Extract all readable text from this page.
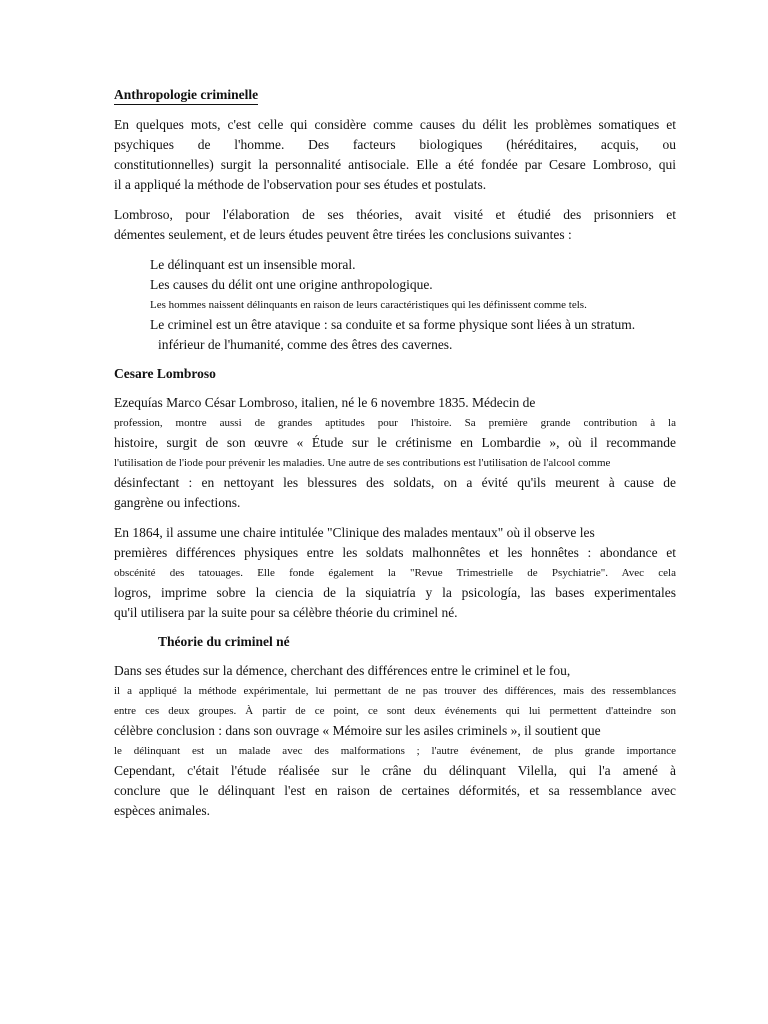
Anthropologie criminelle

En quelques mots, c'est celle qui considère comme causes du délit les problèmes somatiques et
psychiques de l'homme. Des facteurs biologiques (héréditaires, acquis, ou
constitutionnelles) surgit la personnalité antisociale. Elle a été fondée par Cesare Lombroso, qui
il a appliqué la méthode de l'observation pour ses études et postulats.

Lombroso, pour l'élaboration de ses théories, avait visité et étudié des prisonniers et
démentes seulement, et de leurs études peuvent être tirées les conclusions suivantes :

Le délinquant est un insensible moral.
Les causes du délit ont une origine anthropologique.
Les hommes naissent délinquants en raison de leurs caractéristiques qui les définissent comme tels.
Le criminel est un être atavique : sa conduite et sa forme physique sont liées à un stratum.
inférieur de l'humanité, comme des êtres des cavernes.
Cesare Lombroso

Ezequías Marco César Lombroso, italien, né le 6 novembre 1835. Médecin de
profession, montre aussi de grandes aptitudes pour l'histoire. Sa première grande contribution à la
histoire, surgit de son œuvre « Étude sur le crétinisme en Lombardie », où il recommande
l'utilisation de l'iode pour prévenir les maladies. Une autre de ses contributions est l'utilisation de l'alcool comme
désinfectant : en nettoyant les blessures des soldats, on a évité qu'ils meurent à cause de
gangrène ou infections.

En 1864, il assume une chaire intitulée "Clinique des malades mentaux" où il observe les
premières différences physiques entre les soldats malhonnêtes et les honnêtes : abondance et
obscénité des tatouages. Elle fonde également la "Revue Trimestrielle de Psychiatrie". Avec cela
logros, imprime sobre la ciencia de la siquiatría y la psicología, las bases experimentales
qu'il utilisera par la suite pour sa célèbre théorie du criminel né.

Théorie du criminel né

Dans ses études sur la démence, cherchant des différences entre le criminel et le fou,
il a appliqué la méthode expérimentale, lui permettant de ne pas trouver des différences, mais des ressemblances
entre ces deux groupes. À partir de ce point, ce sont deux événements qui lui permettent d'atteindre son
célèbre conclusion : dans son ouvrage « Mémoire sur les asiles criminels », il soutient que
le délinquant est un malade avec des malformations ; l'autre événement, de plus grande importance
Cependant, c'était l'étude réalisée sur le crâne du délinquant Vilella, qui l'a amené à
conclure que le délinquant l'est en raison de certaines déformités, et sa ressemblance avec
espèces animales.
